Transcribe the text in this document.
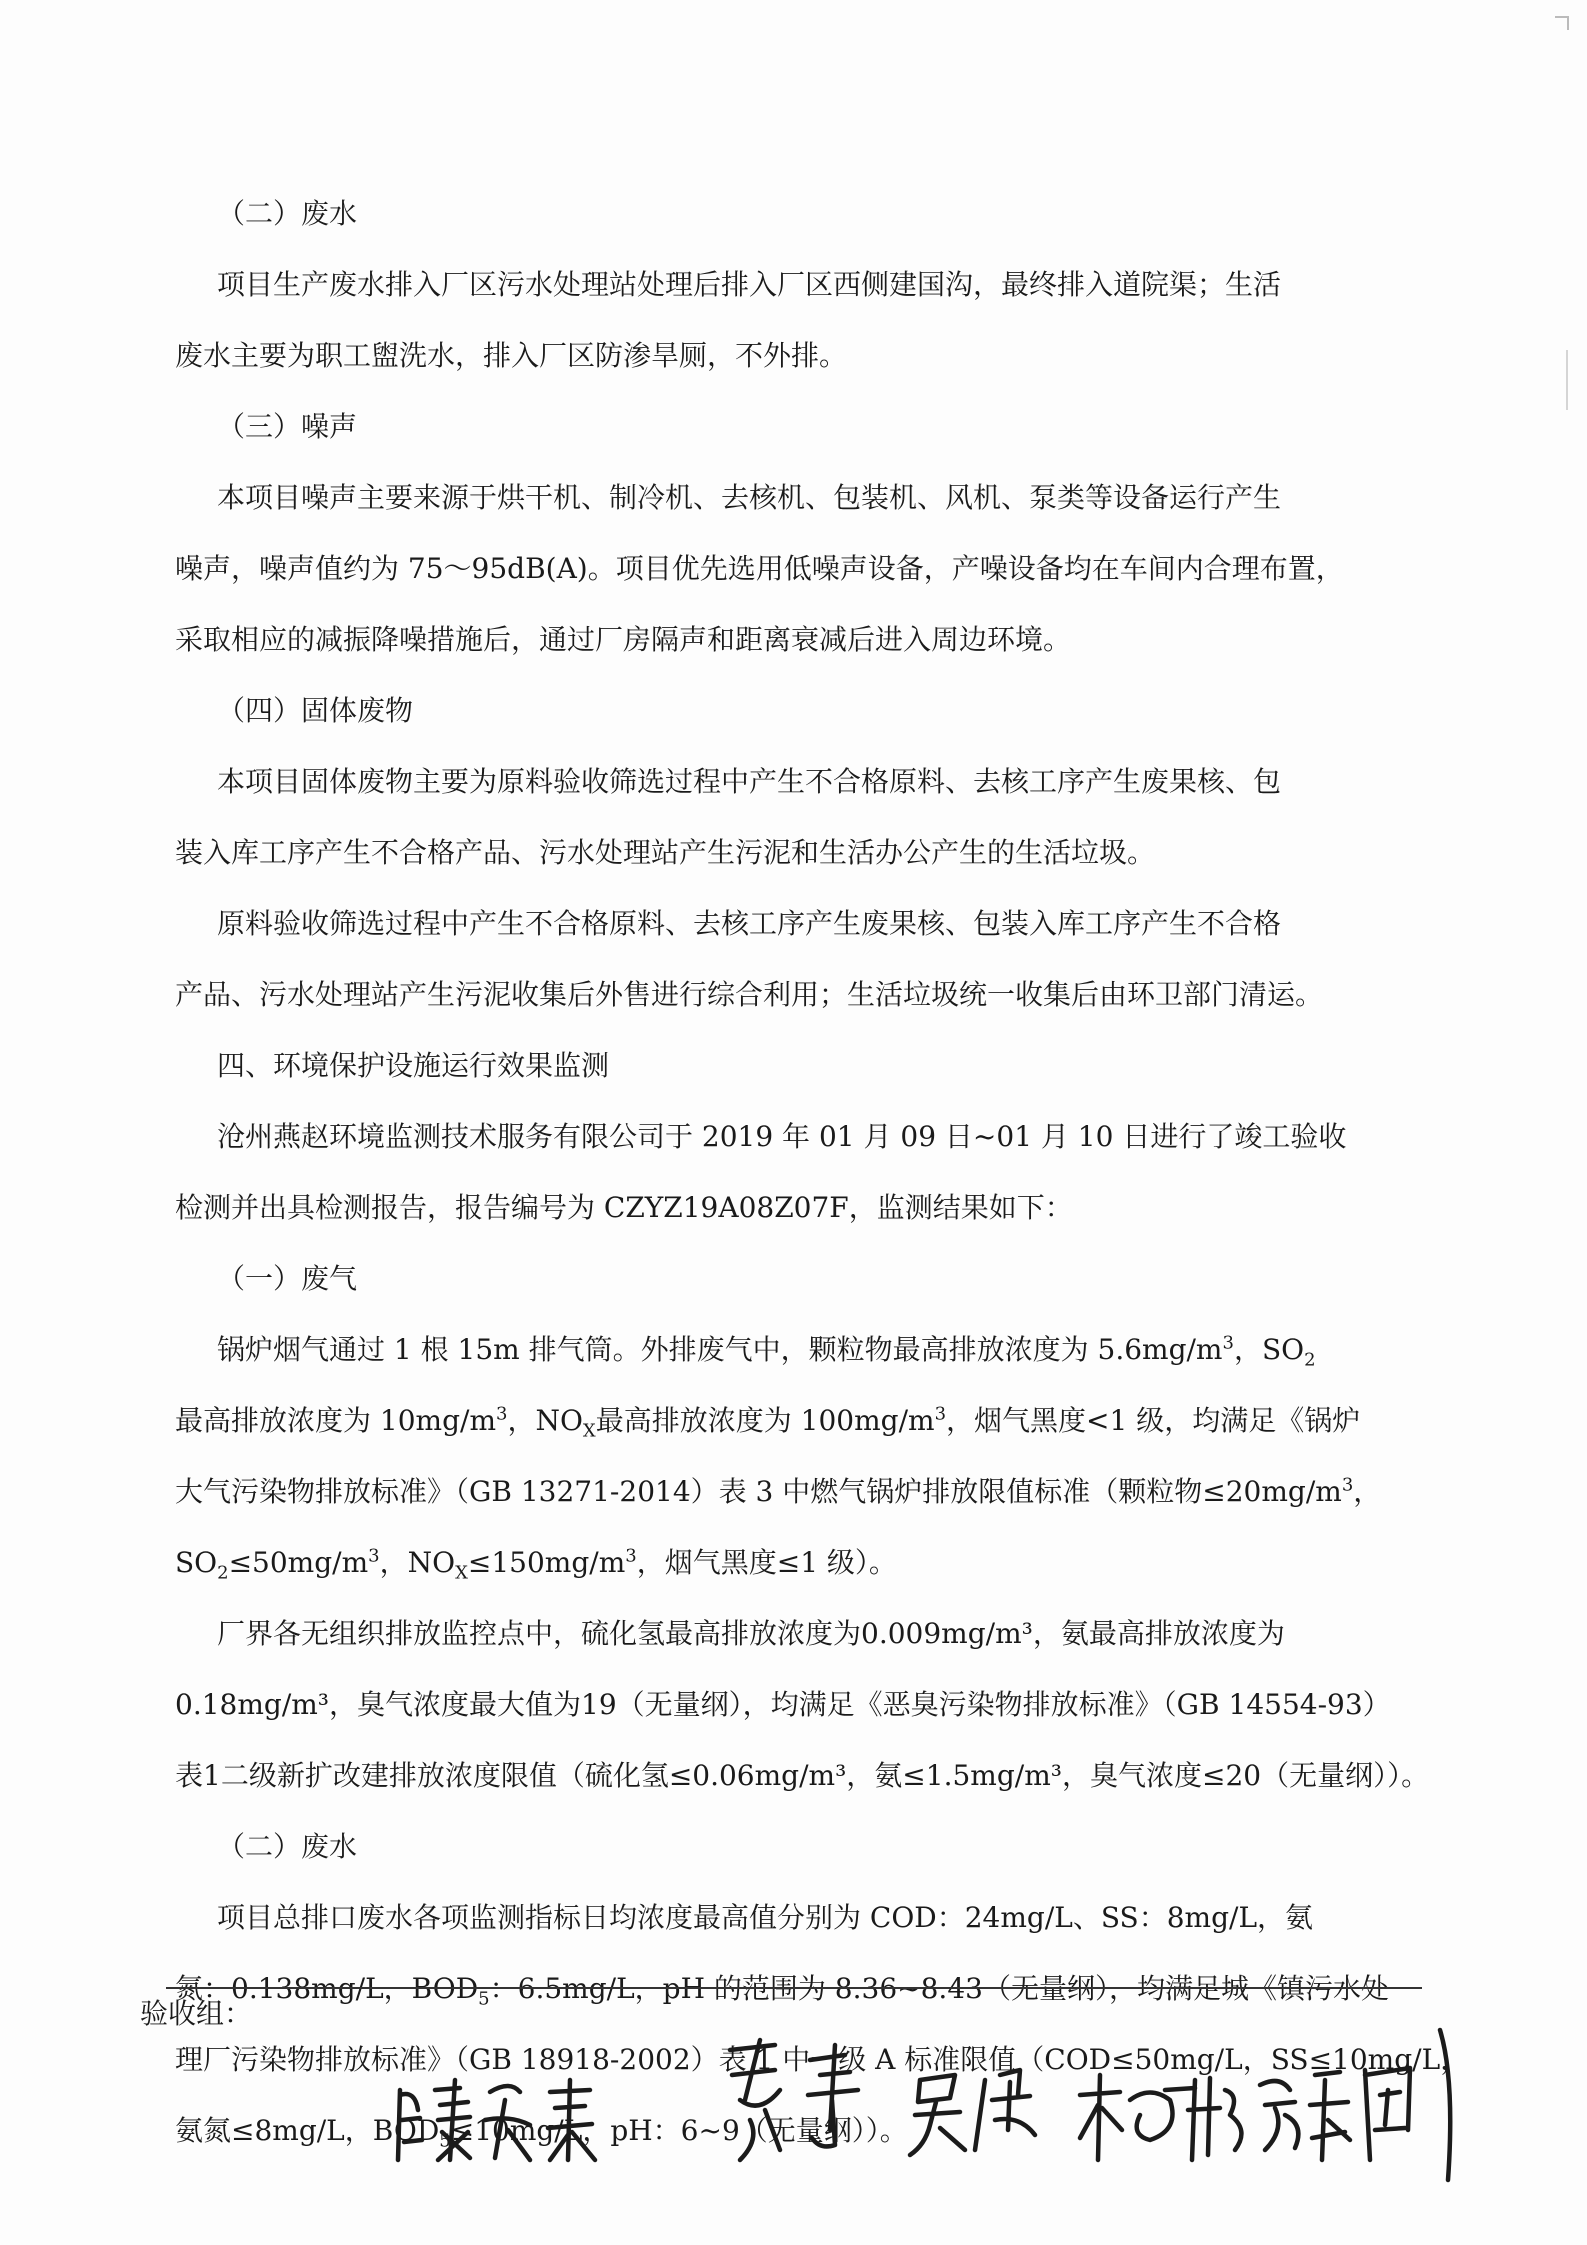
（二）废水
项目生产废水排入厂区污水处理站处理后排入厂区西侧建国沟，最终排入道院渠；生活
废水主要为职工盥洗水，排入厂区防渗旱厕，不外排。
（三）噪声
本项目噪声主要来源于烘干机、制冷机、去核机、包装机、风机、泵类等设备运行产生
噪声，噪声值约为 75～95dB(A)。项目优先选用低噪声设备，产噪设备均在车间内合理布置，
采取相应的减振降噪措施后，通过厂房隔声和距离衰减后进入周边环境。
（四）固体废物
本项目固体废物主要为原料验收筛选过程中产生不合格原料、去核工序产生废果核、包
装入库工序产生不合格产品、污水处理站产生污泥和生活办公产生的生活垃圾。
原料验收筛选过程中产生不合格原料、去核工序产生废果核、包装入库工序产生不合格
产品、污水处理站产生污泥收集后外售进行综合利用；生活垃圾统一收集后由环卫部门清运。
四、环境保护设施运行效果监测
沧州燕赵环境监测技术服务有限公司于 2019 年 01 月 09 日~01 月 10 日进行了竣工验收
检测并出具检测报告，报告编号为 CZYZ19A08Z07F，监测结果如下：
（一）废气
锅炉烟气通过 1 根 15m 排气筒。外排废气中，颗粒物最高排放浓度为 $5.6mg/m^3$，$SO_2$
最高排放浓度为 $10mg/m^3$，$NO_X$最高排放浓度为 $100mg/m^3$，烟气黑度<1 级，均满足《锅炉
大气污染物排放标准》（GB 13271-2014）表 3 中燃气锅炉排放限值标准（颗粒物$\le 20mg/m^3$，
$SO_2\le 50mg/m^3$，$NO_X\le 150mg/m^3$，烟气黑度≤1 级）。
厂界各无组织排放监控点中，硫化氢最高排放浓度为0.009mg/m³，氨最高排放浓度为
0.18mg/m³，臭气浓度最大值为19（无量纲），均满足《恶臭污染物排放标准》（GB 14554-93）
表1二级新扩改建排放浓度限值（硫化氢≤0.06mg/m³，氨≤1.5mg/m³，臭气浓度≤20（无量纲））。
（二）废水
项目总排口废水各项监测指标日均浓度最高值分别为 COD：24mg/L、SS：8mg/L，氨
氮：0.138mg/L，$BOD_5$：6.5mg/L，pH 的范围为 8.36~8.43（无量纲），均满足城《镇污水处
理厂污染物排放标准》（GB 18918-2002）表 1 中一级 A 标准限值（COD≤50mg/L，SS≤10mg/L，
氨氮≤8mg/L，$BOD_5\le 10mg/L$，pH：6~9（无量纲））。
验收组：
